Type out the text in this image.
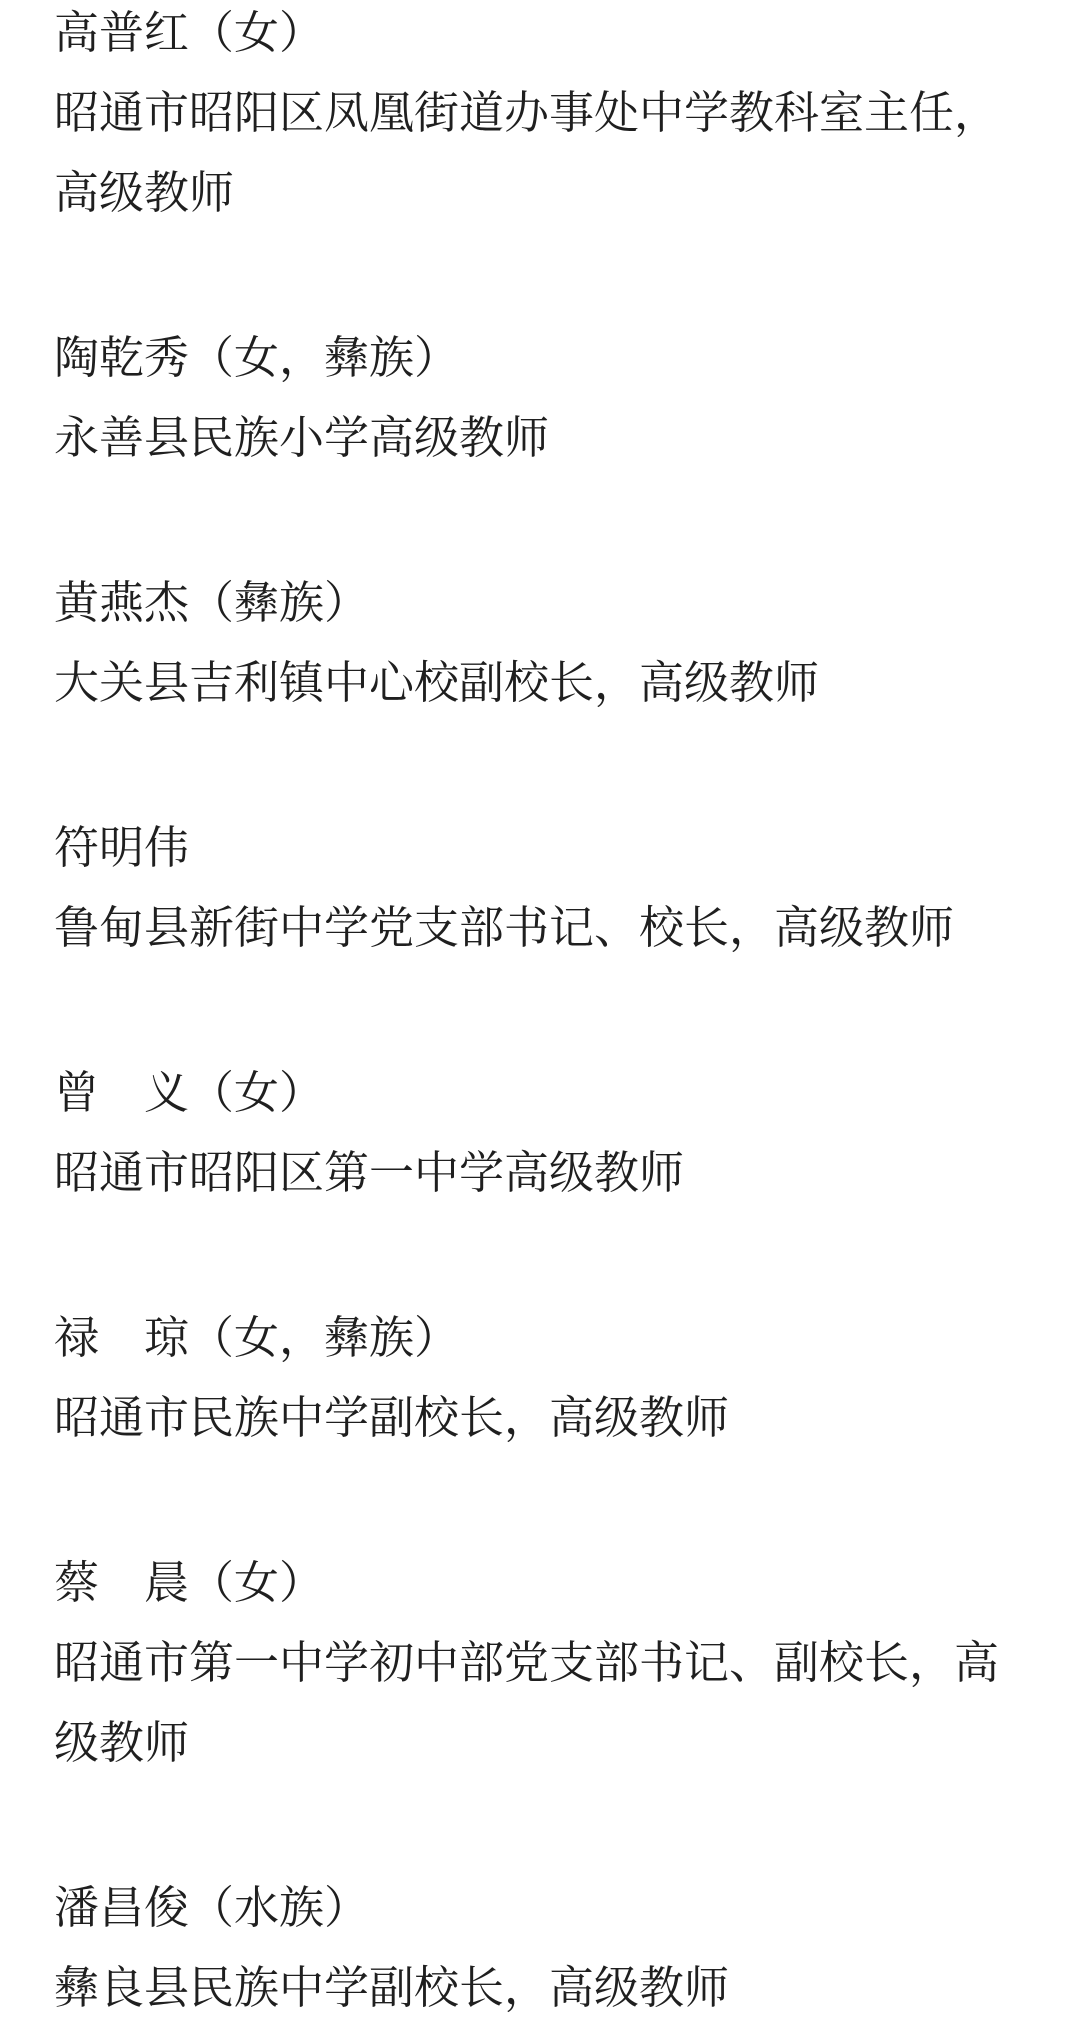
高普红（女）

昭通市昭阳区凤凰街道办事处中学教科室主任，高级教师

陶乾秀（女，彝族）

永善县民族小学高级教师

黄燕杰（彝族）

大关县吉利镇中心校副校长，高级教师

符明伟

鲁甸县新街中学党支部书记、校长，高级教师

曾　义（女）

昭通市昭阳区第一中学高级教师

禄　琼（女，彝族）

昭通市民族中学副校长，高级教师

蔡　晨（女）

昭通市第一中学初中部党支部书记、副校长，高级教师

潘昌俊（水族）

彝良县民族中学副校长，高级教师
